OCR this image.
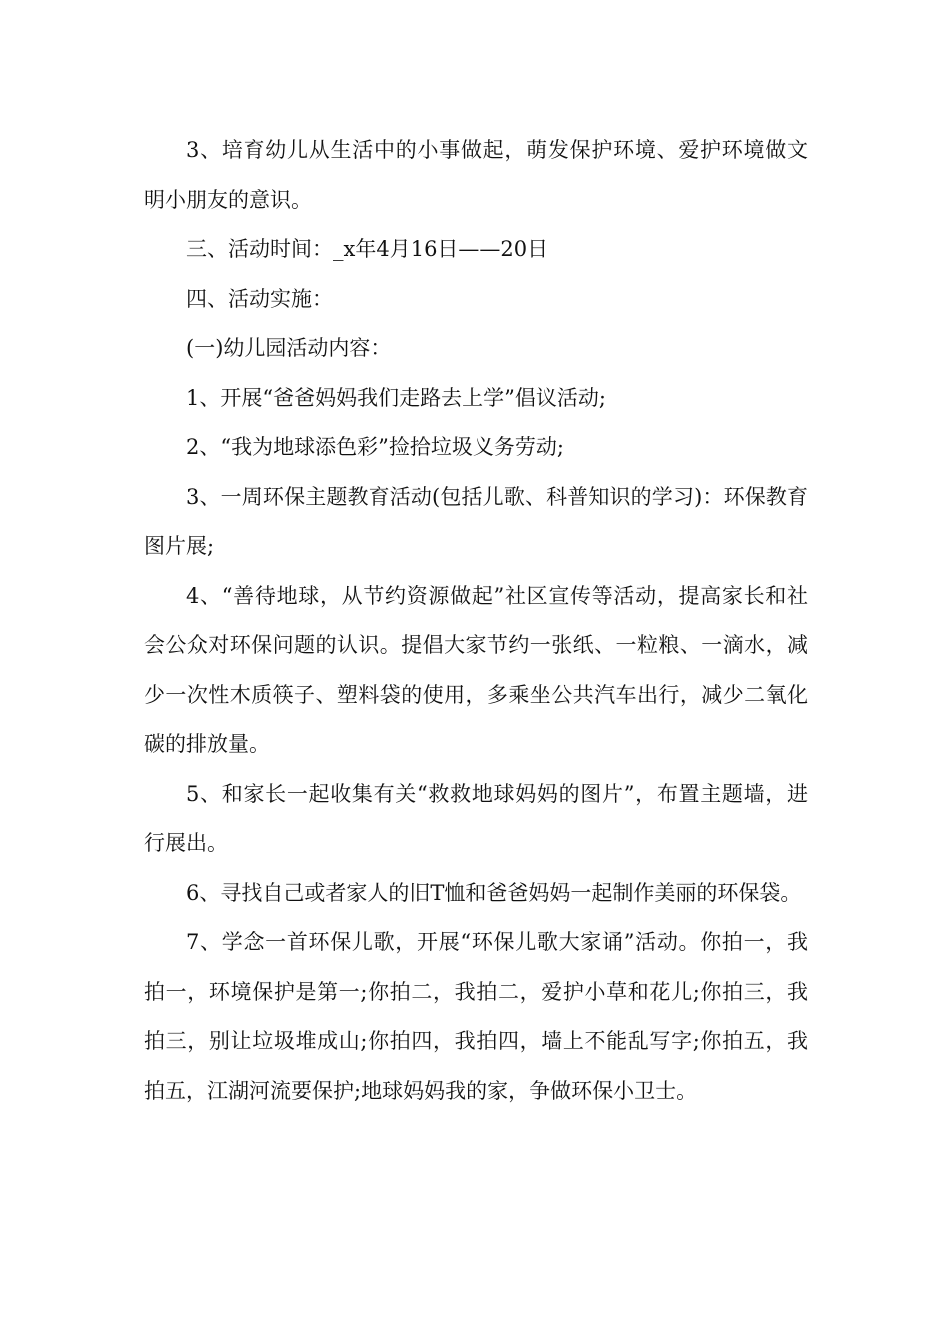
3、培育幼儿从生活中的小事做起，萌发保护环境、爱护环境做文明小朋友的意识。

三、活动时间：_x年4月16日——20日

四、活动实施：

(一)幼儿园活动内容：

1、开展“爸爸妈妈我们走路去上学”倡议活动;

2、“我为地球添色彩”捡拾垃圾义务劳动;

3、一周环保主题教育活动(包括儿歌、科普知识的学习)：环保教育图片展;

4、“善待地球，从节约资源做起”社区宣传等活动，提高家长和社会公众对环保问题的认识。提倡大家节约一张纸、一粒粮、一滴水，减少一次性木质筷子、塑料袋的使用，多乘坐公共汽车出行，减少二氧化碳的排放量。

5、和家长一起收集有关“救救地球妈妈的图片”，布置主题墙，进行展出。

6、寻找自己或者家人的旧T恤和爸爸妈妈一起制作美丽的环保袋。

7、学念一首环保儿歌，开展“环保儿歌大家诵”活动。你拍一，我拍一，环境保护是第一;你拍二，我拍二，爱护小草和花儿;你拍三，我拍三，别让垃圾堆成山;你拍四，我拍四，墙上不能乱写字;你拍五，我拍五，江湖河流要保护;地球妈妈我的家，争做环保小卫士。
